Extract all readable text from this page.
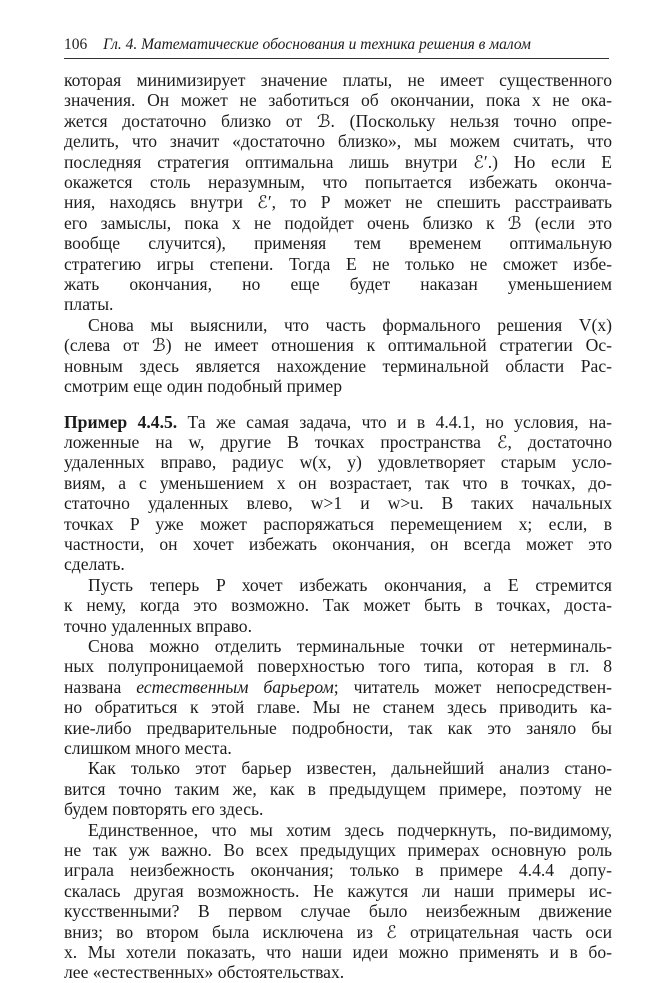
106 Гл. 4. Математические обоснования и техника решения в малом
которая минимизирует значение платы, не имеет существенного
значения. Он может не заботиться об окончании, пока x не ока-
жется достаточно близко от ℬ. (Поскольку нельзя точно опре-
делить, что значит «достаточно близко», мы можем считать, что
последняя стратегия оптимальна лишь внутри ℰ′.) Но если E
окажется столь неразумным, что попытается избежать оконча-
ния, находясь внутри ℰ′, то P может не спешить расстраивать
его замыслы, пока x не подойдет очень близко к ℬ (если это
вообще случится), применяя тем временем оптимальную
стратегию игры степени. Тогда E не только не сможет избе-
жать окончания, но еще будет наказан уменьшением
платы.
Снова мы выяснили, что часть формального решения V(x)
(слева от ℬ) не имеет отношения к оптимальной стратегии Ос-
новным здесь является нахождение терминальной области Рас-
смотрим еще один подобный пример
Пример 4.4.5. Та же самая задача, что и в 4.4.1, но условия, на-
ложенные на w, другие В точках пространства ℰ, достаточно
удаленных вправо, радиус w(x, y) удовлетворяет старым усло-
виям, а с уменьшением x он возрастает, так что в точках, до-
статочно удаленных влево, w>1 и w>u. В таких начальных
точках P уже может распоряжаться перемещением x; если, в
частности, он хочет избежать окончания, он всегда может это
сделать.
Пусть теперь P хочет избежать окончания, а E стремится
к нему, когда это возможно. Так может быть в точках, доста-
точно удаленных вправо.
Снова можно отделить терминальные точки от нетерминаль-
ных полупроницаемой поверхностью того типа, которая в гл. 8
названа естественным барьером; читатель может непосредствен-
но обратиться к этой главе. Мы не станем здесь приводить ка-
кие-либо предварительные подробности, так как это заняло бы
слишком много места.
Как только этот барьер известен, дальнейший анализ стано-
вится точно таким же, как в предыдущем примере, поэтому не
будем повторять его здесь.
Единственное, что мы хотим здесь подчеркнуть, по-видимому,
не так уж важно. Во всех предыдущих примерах основную роль
играла неизбежность окончания; только в примере 4.4.4 допу-
скалась другая возможность. Не кажутся ли наши примеры ис-
кусственными? В первом случае было неизбежным движение
вниз; во втором была исключена из ℰ отрицательная часть оси
x. Мы хотели показать, что наши идеи можно применять и в бо-
лее «естественных» обстоятельствах.
